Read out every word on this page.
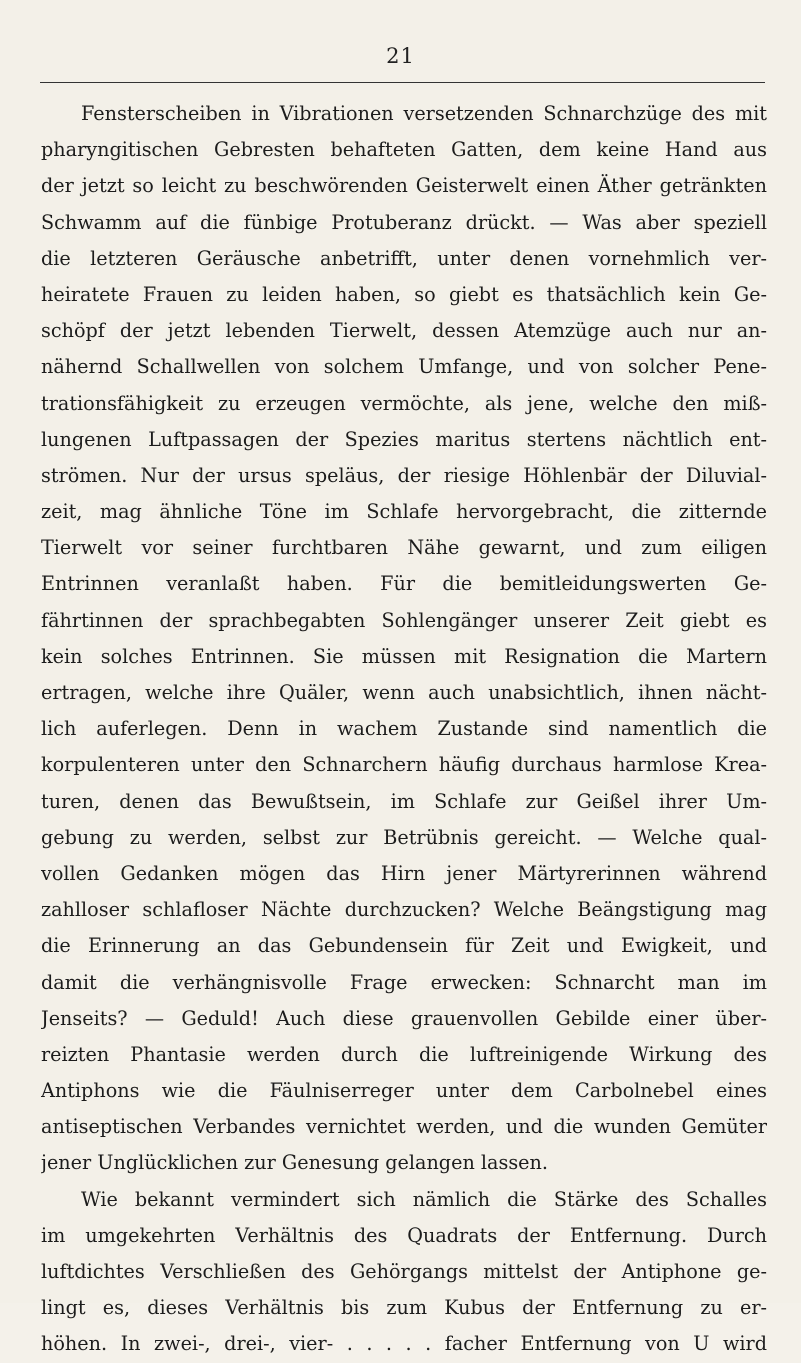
21
Fensterscheiben in Vibrationen versetzenden Schnarchzüge des mit
pharyngitischen Gebresten behafteten Gatten, dem keine Hand aus
der jetzt so leicht zu beschwörenden Geisterwelt einen Äther getränkten
Schwamm auf die fünbige Protuberanz drückt. — Was aber speziell
die letzteren Geräusche anbetrifft, unter denen vornehmlich ver-
heiratete Frauen zu leiden haben, so giebt es thatsächlich kein Ge-
schöpf der jetzt lebenden Tierwelt, dessen Atemzüge auch nur an-
nähernd Schallwellen von solchem Umfange, und von solcher Pene-
trationsfähigkeit zu erzeugen vermöchte, als jene, welche den miß-
lungenen Luftpassagen der Spezies maritus stertens nächtlich ent-
strömen. Nur der ursus speläus, der riesige Höhlenbär der Diluvial-
zeit, mag ähnliche Töne im Schlafe hervorgebracht, die zitternde
Tierwelt vor seiner furchtbaren Nähe gewarnt, und zum eiligen
Entrinnen veranlaßt haben. Für die bemitleidungswerten Ge-
fährtinnen der sprachbegabten Sohlengänger unserer Zeit giebt es
kein solches Entrinnen. Sie müssen mit Resignation die Martern
ertragen, welche ihre Quäler, wenn auch unabsichtlich, ihnen nächt-
lich auferlegen. Denn in wachem Zustande sind namentlich die
korpulenteren unter den Schnarchern häufig durchaus harmlose Krea-
turen, denen das Bewußtsein, im Schlafe zur Geißel ihrer Um-
gebung zu werden, selbst zur Betrübnis gereicht. — Welche qual-
vollen Gedanken mögen das Hirn jener Märtyrerinnen während
zahlloser schlafloser Nächte durchzucken? Welche Beängstigung mag
die Erinnerung an das Gebundensein für Zeit und Ewigkeit, und
damit die verhängnisvolle Frage erwecken: Schnarcht man im
Jenseits? — Geduld! Auch diese grauenvollen Gebilde einer über-
reizten Phantasie werden durch die luftreinigende Wirkung des
Antiphons wie die Fäulniserreger unter dem Carbolnebel eines
antiseptischen Verbandes vernichtet werden, und die wunden Gemüter
jener Unglücklichen zur Genesung gelangen lassen.
Wie bekannt vermindert sich nämlich die Stärke des Schalles
im umgekehrten Verhältnis des Quadrats der Entfernung. Durch
luftdichtes Verschließen des Gehörgangs mittelst der Antiphone ge-
lingt es, dieses Verhältnis bis zum Kubus der Entfernung zu er-
höhen. In zwei-, drei-, vier- . . . . . facher Entfernung von U wird
